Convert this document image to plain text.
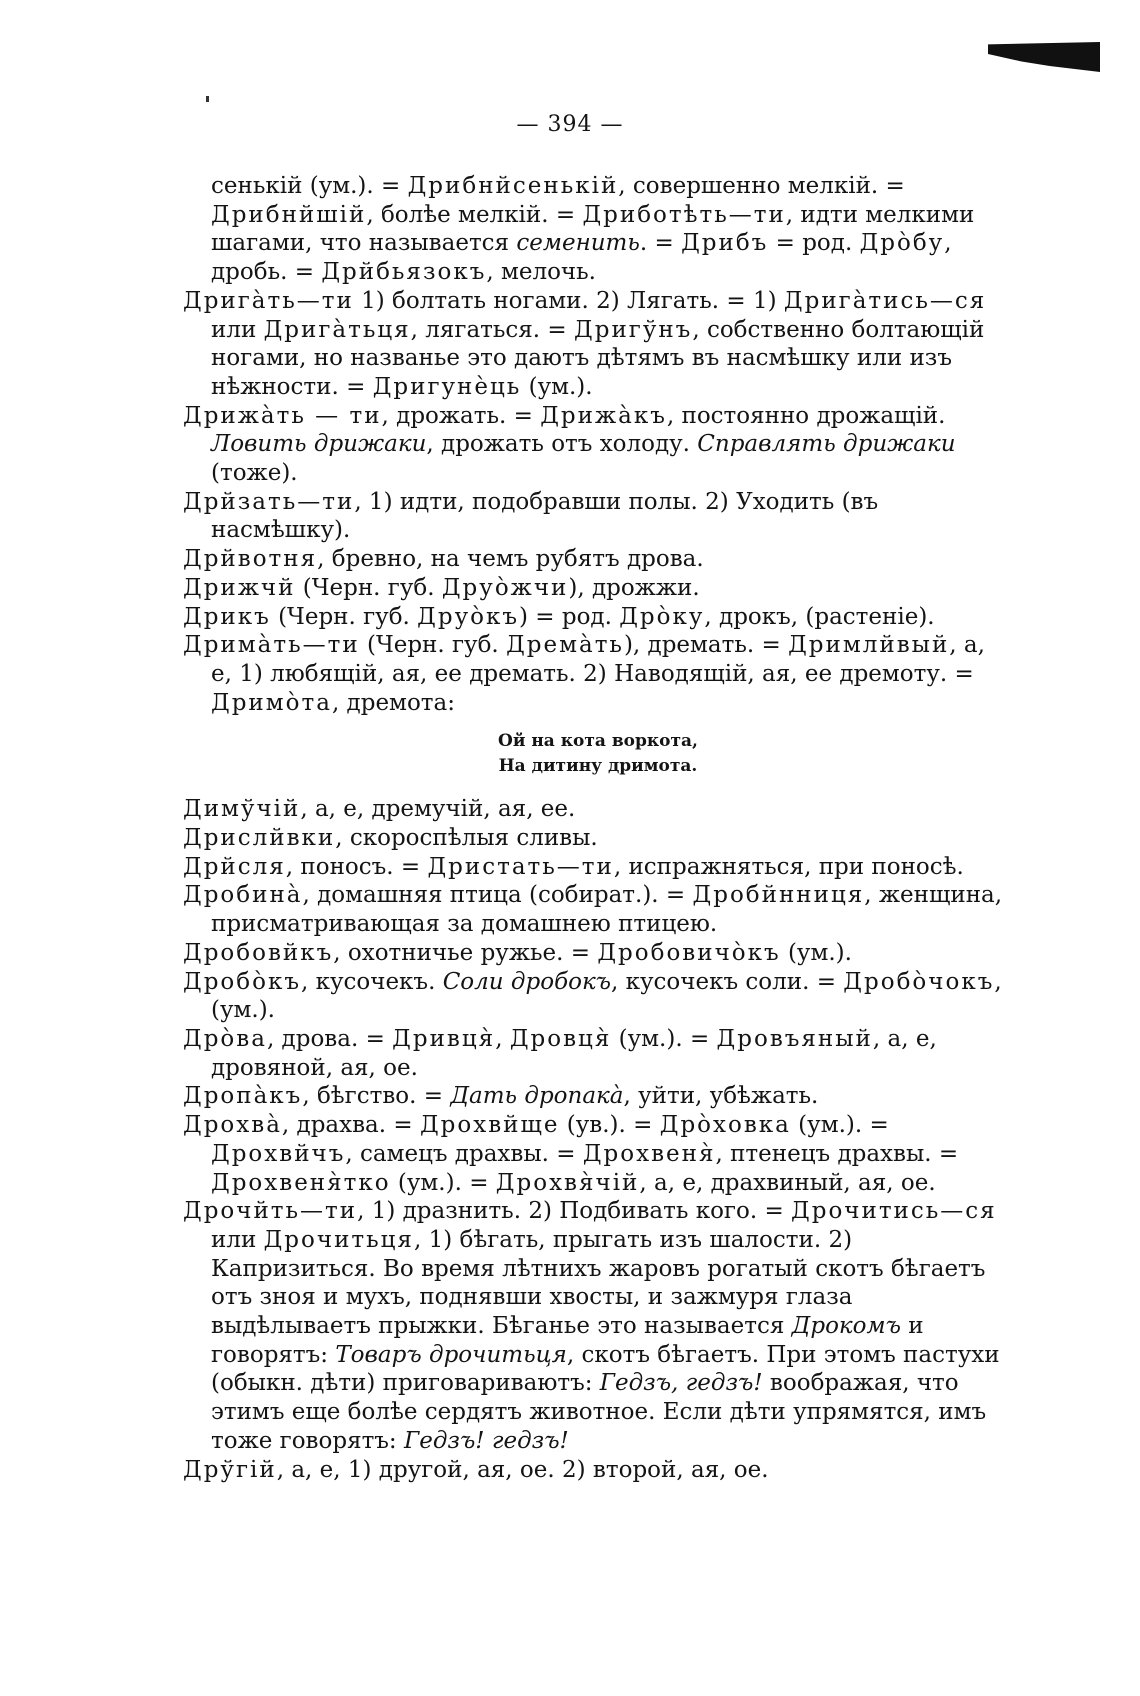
— 394 —

сенькій (ум.). = Дрибнйсенькій, совершенно мелкій. = Дрибнйшій, болѣе мелкій. = Дриботѣть—ти, идти мелкими шагами, что называется семенить. = Дрибъ = род. Дрòбу, дробь. = Дрйбьязокъ, мелочь.

Дригàть—ти 1) болтать ногами. 2) Лягать. = 1) Дригàтись—ся или Дригàтьця, лягаться. = Дригўнъ, собственно болтающій ногами, но названье это даютъ дѣтямъ въ насмѣшку или изъ нѣжности. = Дригунèць (ум.).

Дрижàть — ти, дрожать. = Дрижàкъ, постоянно дрожащій. Ловить дрижаки, дрожать отъ холоду. Справлять дрижаки (тоже).

Дрйзать—ти, 1) идти, подобравши полы. 2) Уходить (въ насмѣшку).

Дрйвотня, бревно, на чемъ рубятъ дрова.

Дрижчй (Черн. губ. Друòжчи), дрожжи.

Дрикъ (Черн. губ. Друòкъ) = род. Дрòку, дрокъ, (растеніе).

Дримàть—ти (Черн. губ. Дремàть), дремать. = Дримлйвый, а, е, 1) любящій, ая, ее дремать. 2) Наводящій, ая, ее дремоту. = Дримòта, дремота:

Ой на кота воркота,
На дитину дримота.

Димўчій, а, е, дремучій, ая, ее.

Дрислйвки, скороспѣлыя сливы.

Дрйсля, поносъ. = Дристать—ти, испражняться, при поносѣ.

Дробинà, домашняя птица (собират.). = Дробйнниця, женщина, присматривающая за домашнею птицею.

Дробовйкъ, охотничье ружье. = Дробовичòкъ (ум.).

Дробòкъ, кусочекъ. Соли дробокъ, кусочекъ соли. = Дробòчокъ, (ум.).

Дрòва, дрова. = Дривця̀, Дровця̀ (ум.). = Дровъяный, а, е, дровяной, ая, ое.

Дропàкъ, бѣгство. = Дать дропакà, уйти, убѣжать.

Дрохвà, драхва. = Дрохвйще (ув.). = Дрòховка (ум.). = Дрохвйчъ, самецъ драхвы. = Дрохвеня̀, птенецъ драхвы. = Дрохвеня̀тко (ум.). = Дрохвя̀чій, а, е, драхвиный, ая, ое.

Дрочйть—ти, 1) дразнить. 2) Подбивать кого. = Дрочитись—ся или Дрочитьця, 1) бѣгать, прыгать изъ шалости. 2) Капризиться. Во время лѣтнихъ жаровъ рогатый скотъ бѣгаетъ отъ зноя и мухъ, поднявши хвосты, и зажмуря глаза выдѣлываетъ прыжки. Бѣганье это называется Дрокомъ и говорятъ: Товаръ дрочитьця, скотъ бѣгаетъ. При этомъ пастухи (обыкн. дѣти) приговариваютъ: Гедзъ, гедзъ! воображая, что этимъ еще болѣе сердятъ животное. Если дѣти упрямятся, имъ тоже говорятъ: Гедзъ! гедзъ!

Дрўгій, а, е, 1) другой, ая, ое. 2) второй, ая, ое.
